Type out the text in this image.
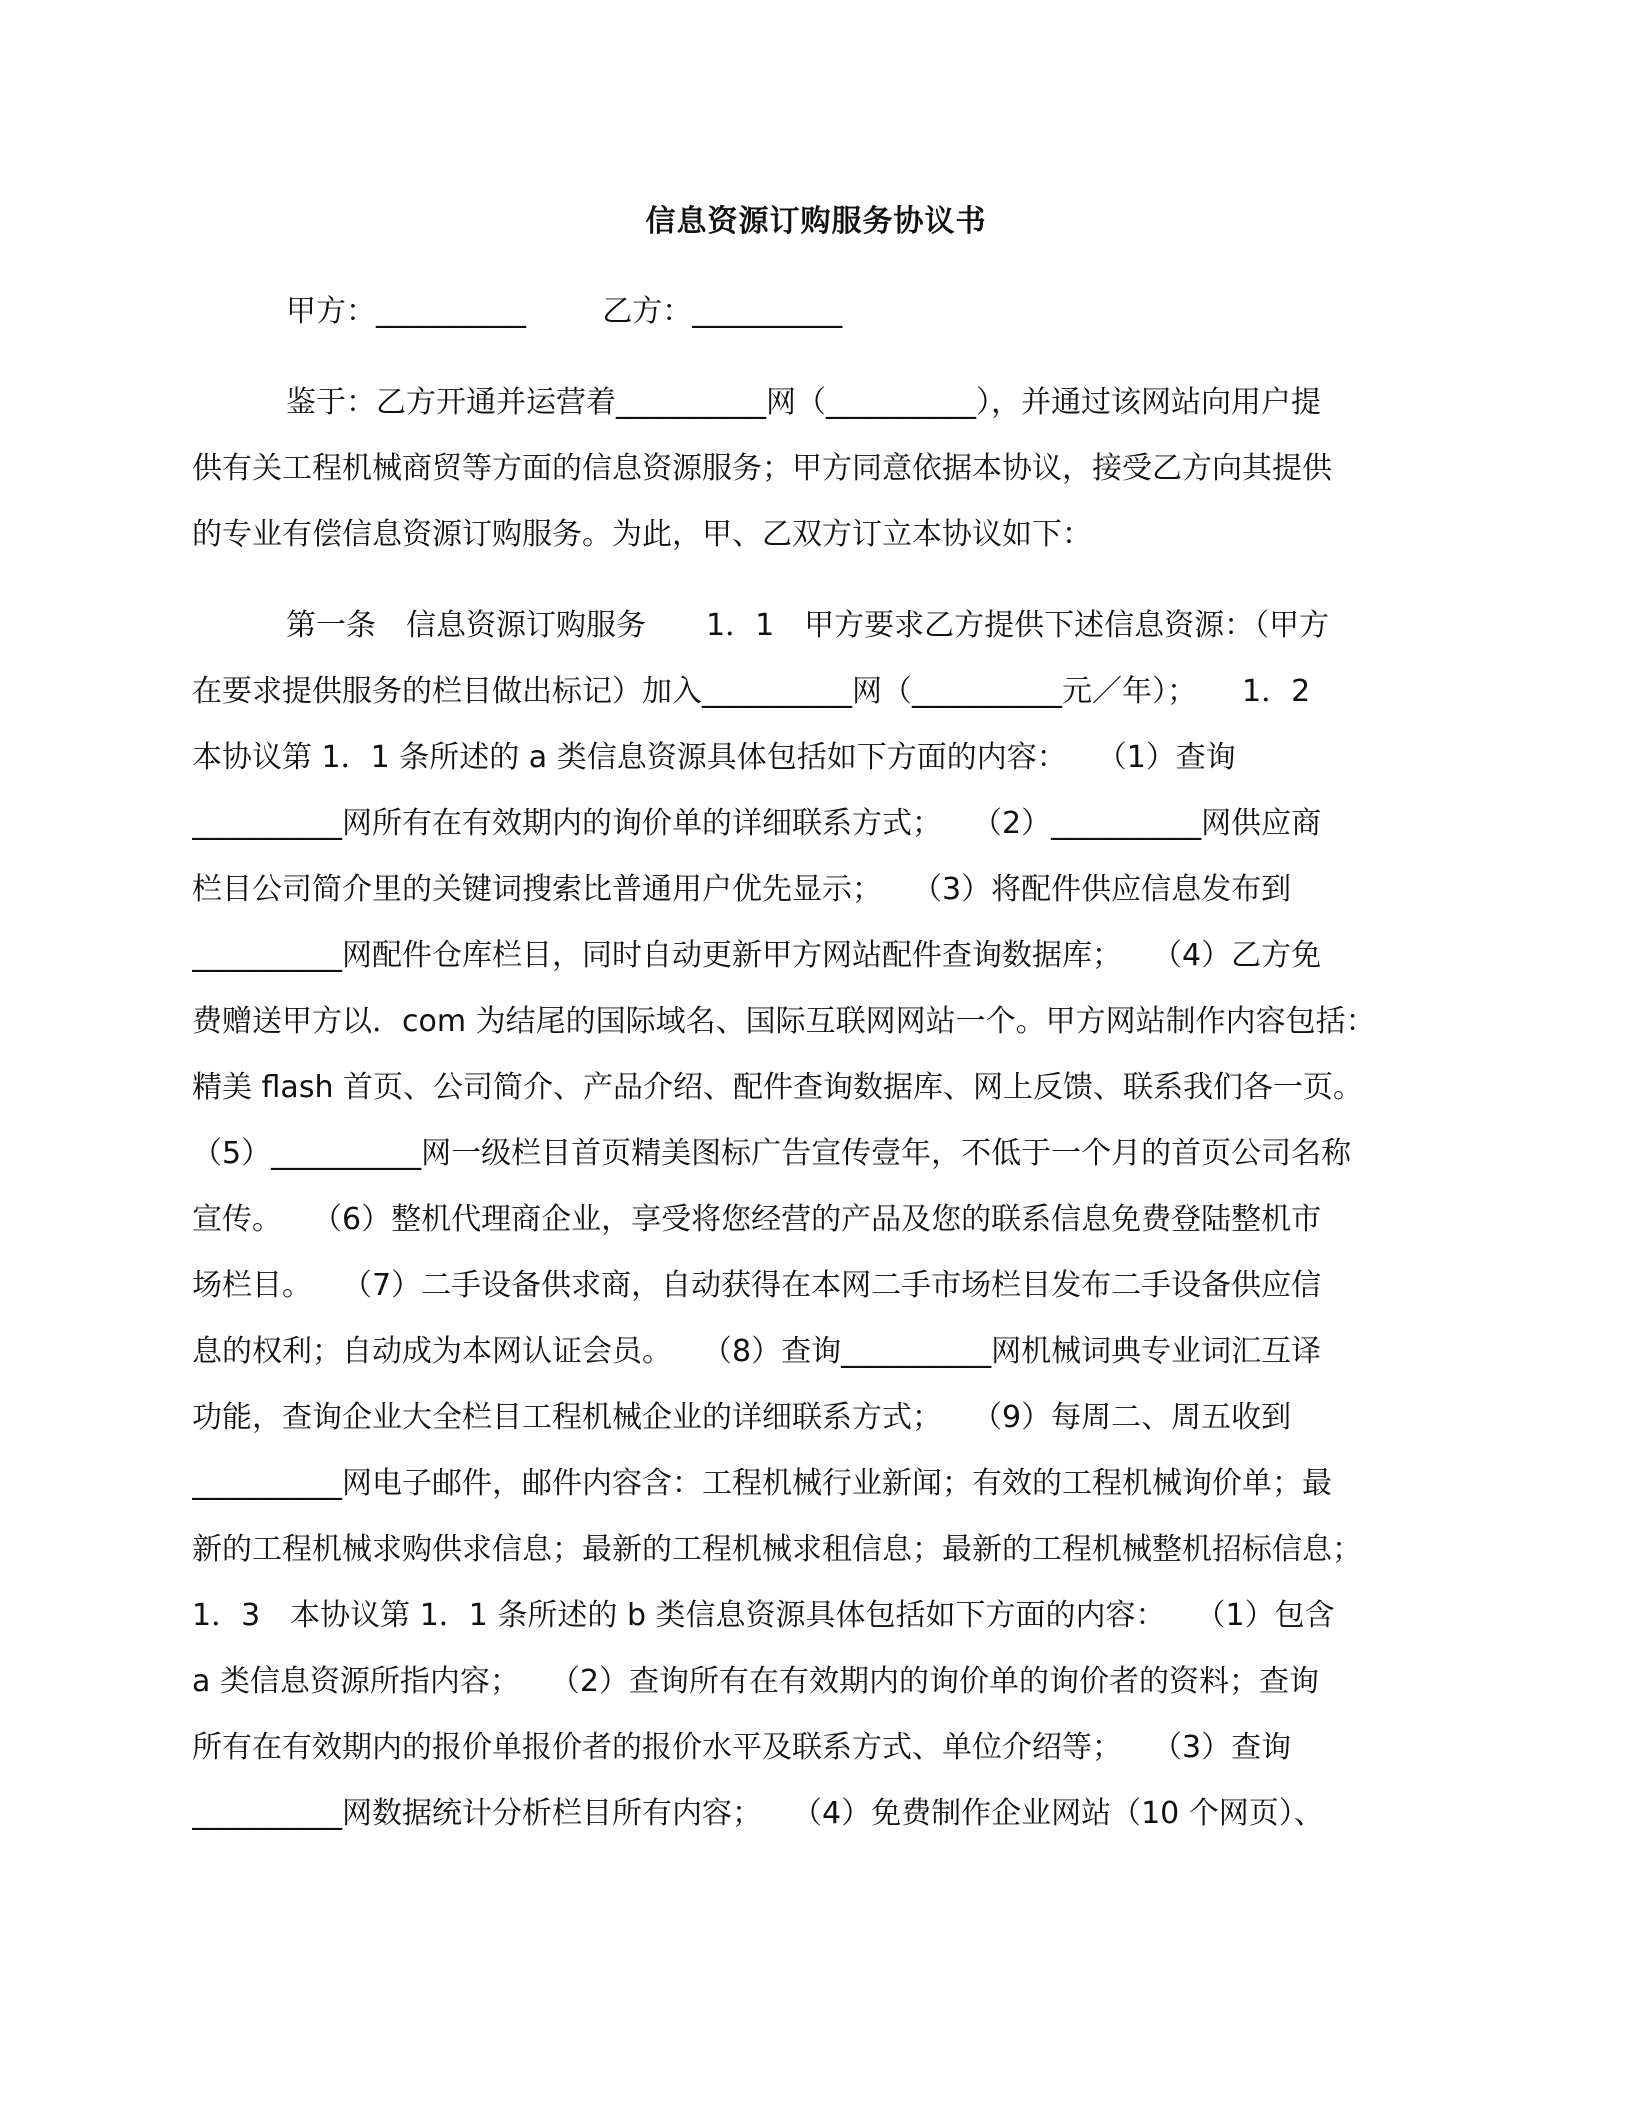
信息资源订购服务协议书
甲方：__________        乙方：__________
鉴于：乙方开通并运营着__________网（__________），并通过该网站向用户提
供有关工程机械商贸等方面的信息资源服务；甲方同意依据本协议，接受乙方向其提供
的专业有偿信息资源订购服务。为此，甲、乙双方订立本协议如下：
第一条　信息资源订购服务　　1．1　甲方要求乙方提供下述信息资源：（甲方
在要求提供服务的栏目做出标记）加入__________网（__________元／年）；　　1．2
本协议第 1．1 条所述的 a 类信息资源具体包括如下方面的内容：　　（1）查询
__________网所有在有效期内的询价单的详细联系方式；　　（2）__________网供应商
栏目公司简介里的关键词搜索比普通用户优先显示；　　（3）将配件供应信息发布到
__________网配件仓库栏目，同时自动更新甲方网站配件查询数据库；　　（4）乙方免
费赠送甲方以．com 为结尾的国际域名、国际互联网网站一个。甲方网站制作内容包括：
精美 flash 首页、公司简介、产品介绍、配件查询数据库、网上反馈、联系我们各一页。
（5）__________网一级栏目首页精美图标广告宣传壹年，不低于一个月的首页公司名称
宣传。　　（6）整机代理商企业，享受将您经营的产品及您的联系信息免费登陆整机市
场栏目。　　（7）二手设备供求商，自动获得在本网二手市场栏目发布二手设备供应信
息的权利；自动成为本网认证会员。　　（8）查询__________网机械词典专业词汇互译
功能，查询企业大全栏目工程机械企业的详细联系方式；　　（9）每周二、周五收到
__________网电子邮件，邮件内容含：工程机械行业新闻；有效的工程机械询价单；最
新的工程机械求购供求信息；最新的工程机械求租信息；最新的工程机械整机招标信息；
1．3　本协议第 1．1 条所述的 b 类信息资源具体包括如下方面的内容：　　（1）包含
a 类信息资源所指内容；　　（2）查询所有在有效期内的询价单的询价者的资料；查询
所有在有效期内的报价单报价者的报价水平及联系方式、单位介绍等；　　（3）查询
__________网数据统计分析栏目所有内容；　　（4）免费制作企业网站（10 个网页）、
